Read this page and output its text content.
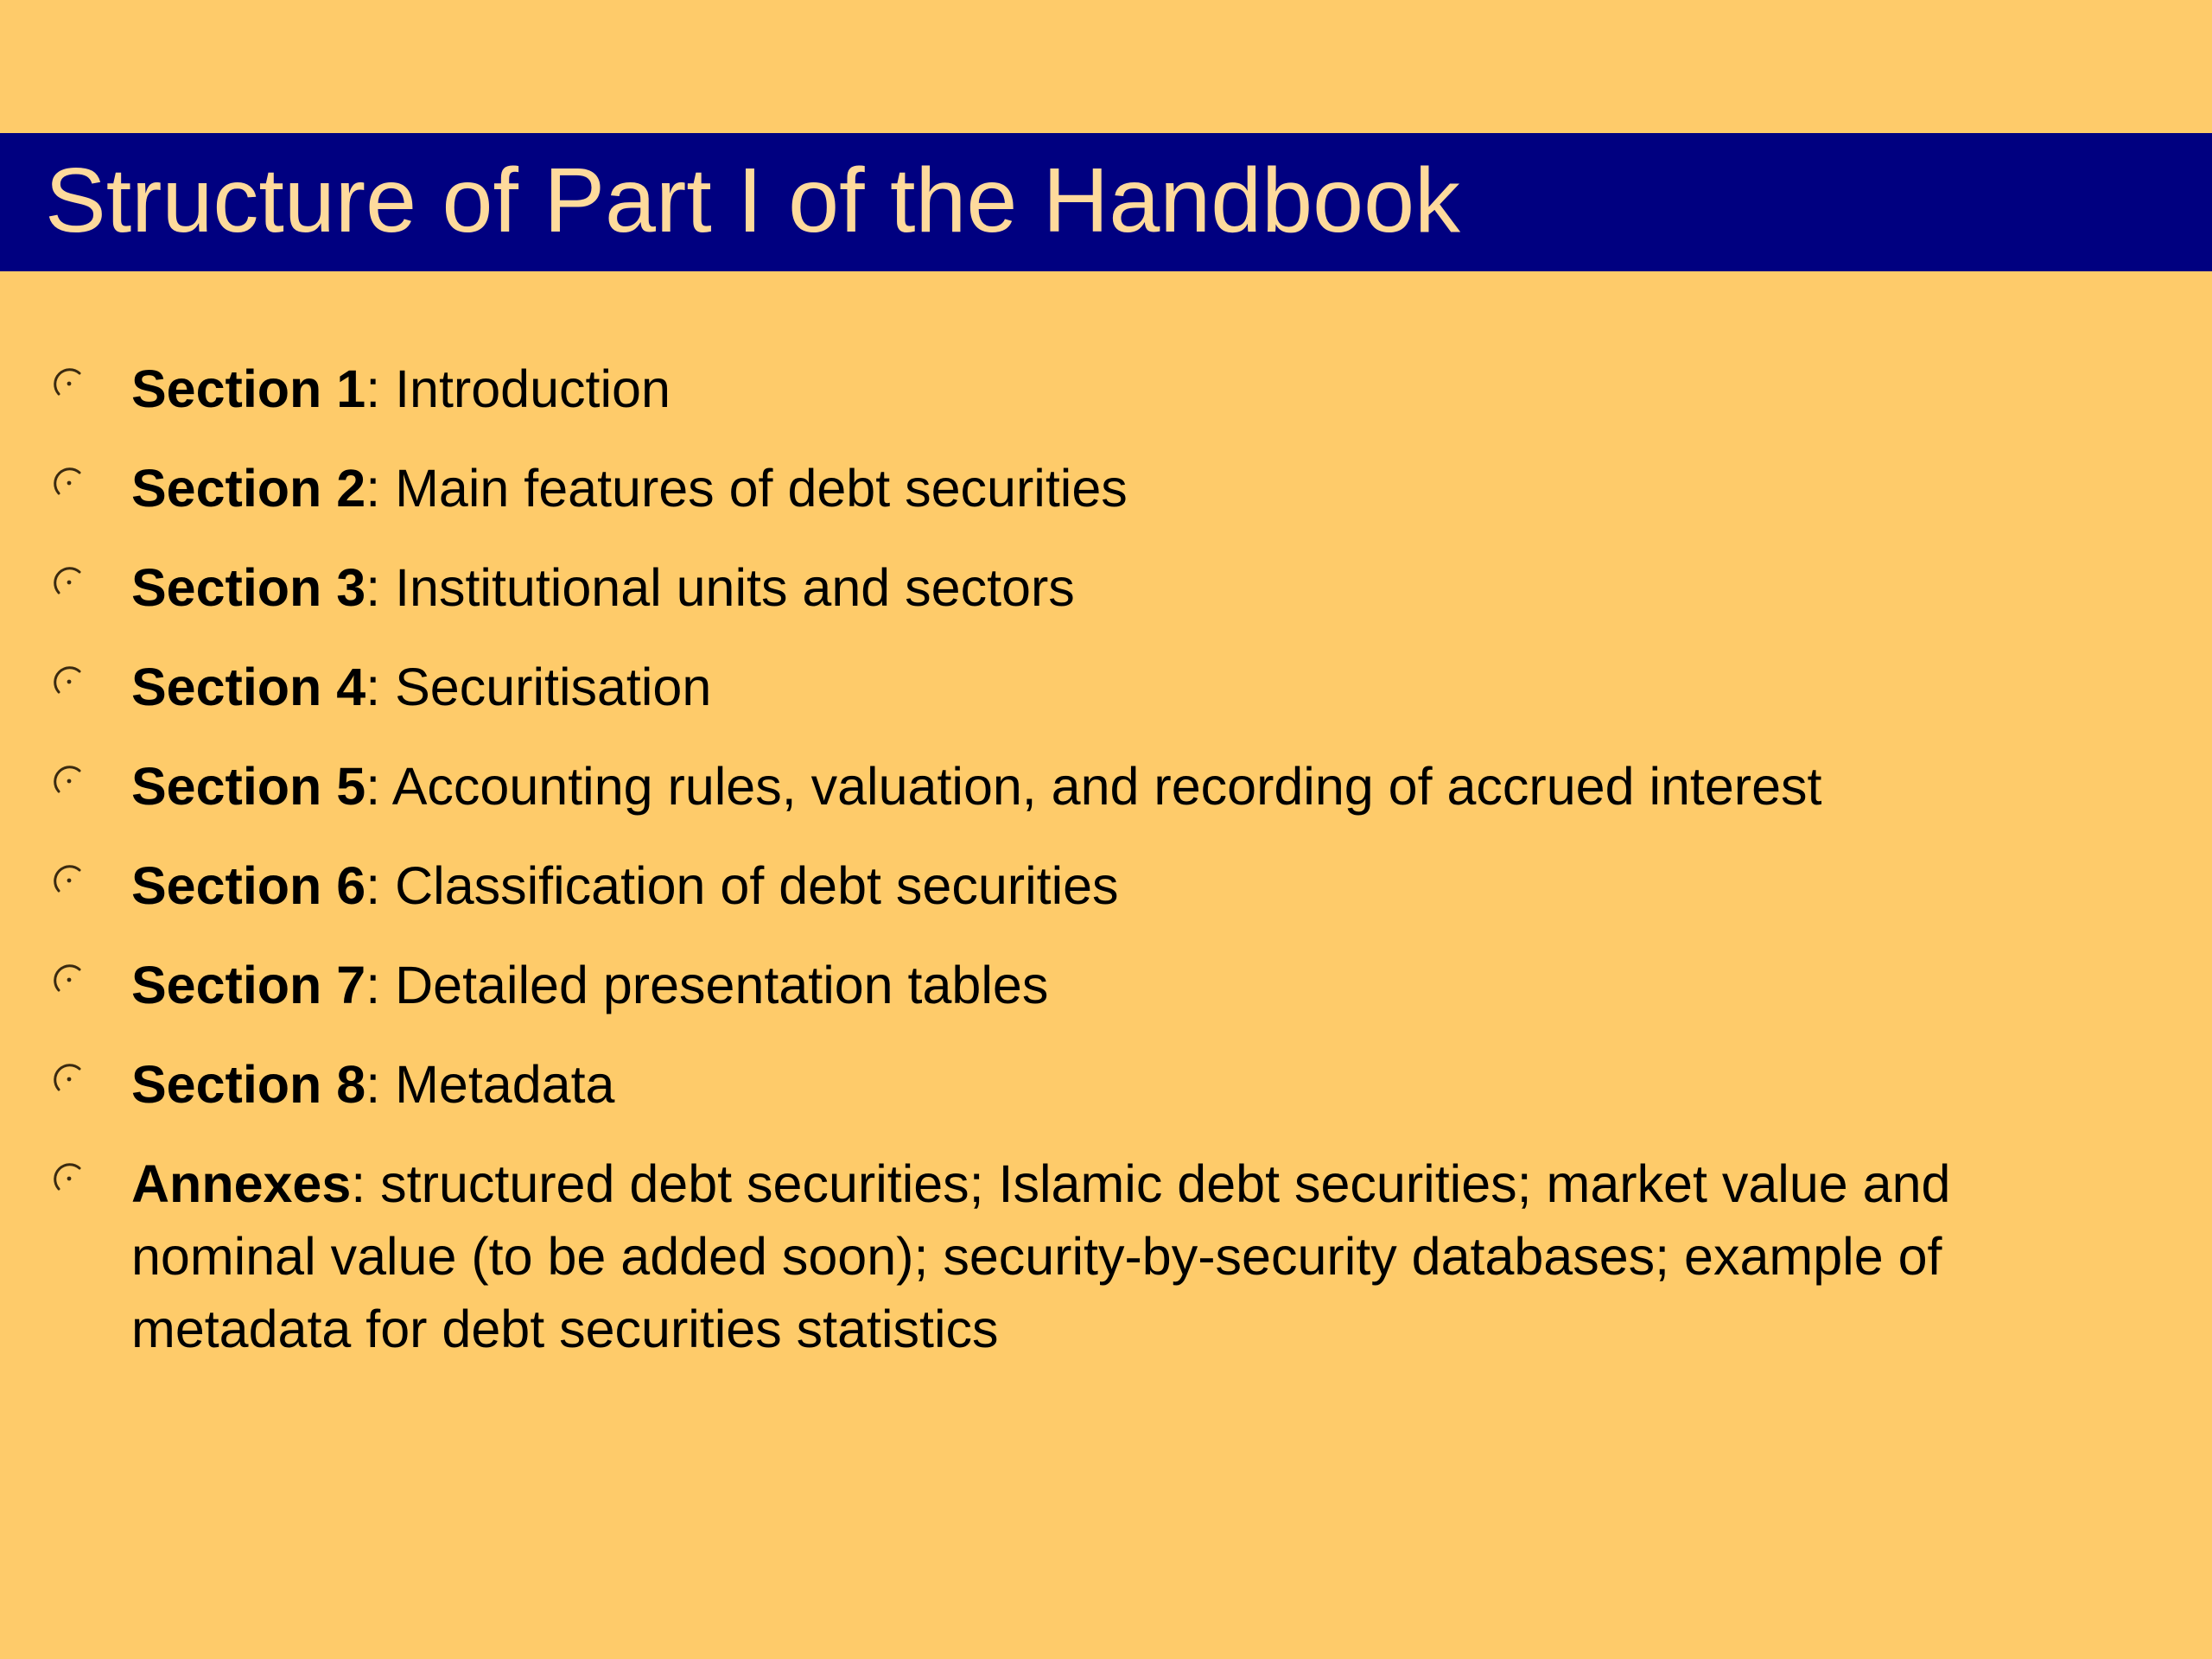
Structure of Part I of the Handbook
Section 1: Introduction
Section 2: Main features of debt securities
Section 3: Institutional units and sectors
Section 4: Securitisation
Section 5: Accounting rules, valuation, and recording of accrued interest
Section 6: Classification of debt securities
Section 7: Detailed presentation tables
Section 8: Metadata
Annexes: structured debt securities; Islamic debt securities; market value and nominal value (to be added soon); security-by-security databases; example of metadata for debt securities statistics
